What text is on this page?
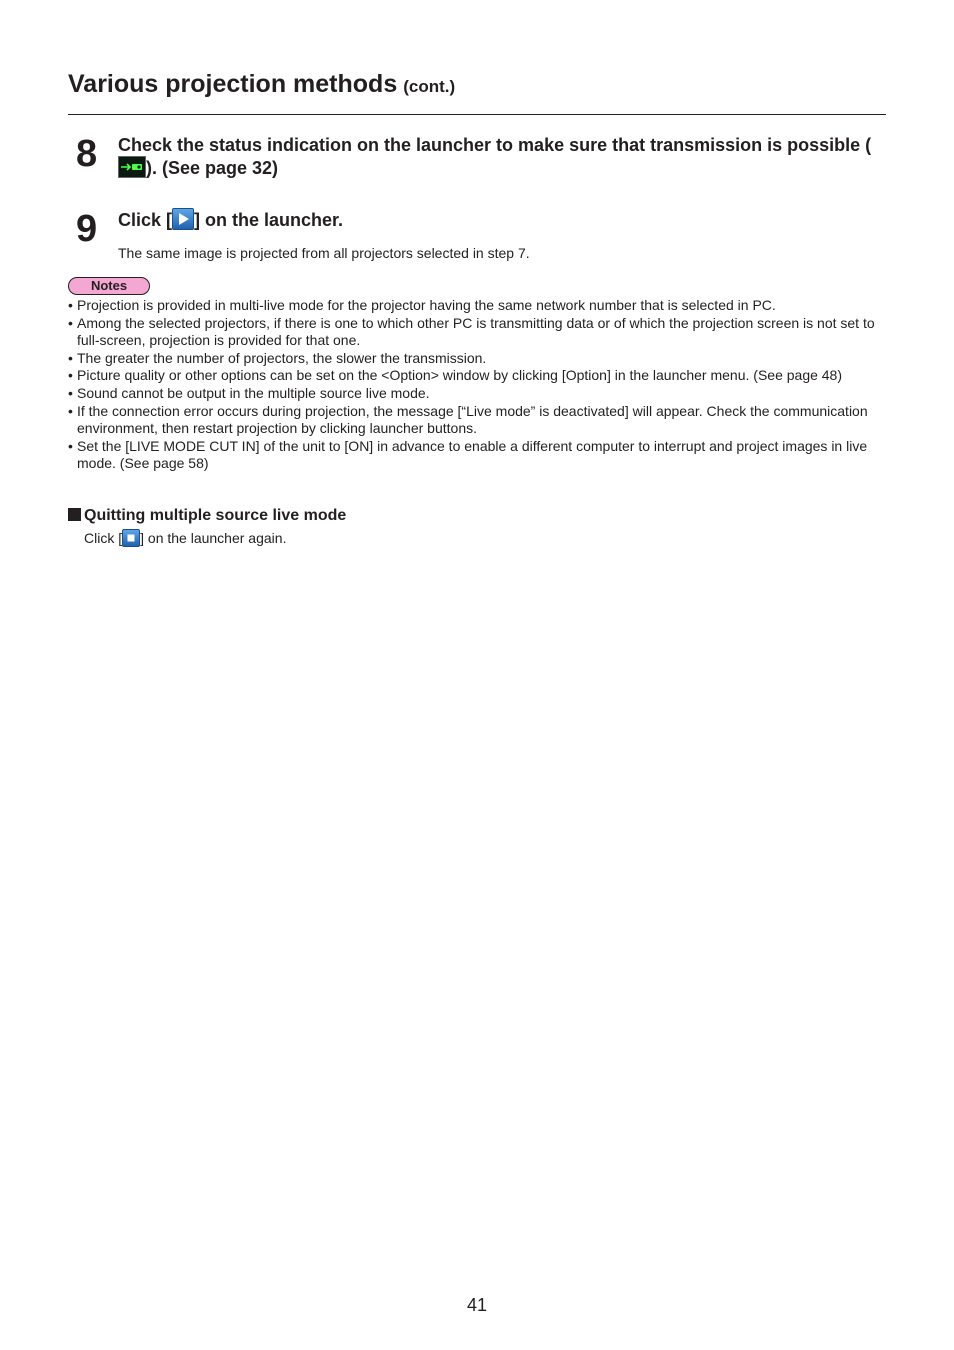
Various projection methods (cont.)
8 Check the status indication on the launcher to make sure that transmission is possible (
). (See page 32)
9 Click [ ] on the launcher.
The same image is projected from all projectors selected in step 7.
Notes
• Projection is provided in multi-live mode for the projector having the same network number that is selected in PC.
• Among the selected projectors, if there is one to which other PC is transmitting data or of which the projection screen is not set to full-screen, projection is provided for that one.
• The greater the number of projectors, the slower the transmission.
• Picture quality or other options can be set on the <Option> window by clicking [Option] in the launcher menu. (See page 48)
• Sound cannot be output in the multiple source live mode.
• If the connection error occurs during projection, the message [“Live mode” is deactivated] will appear. Check the communication environment, then restart projection by clicking launcher buttons.
• Set the [LIVE MODE CUT IN] of the unit to [ON] in advance to enable a different computer to interrupt and project images in live mode. (See page 58)
Quitting multiple source live mode
Click [ ] on the launcher again.
41
